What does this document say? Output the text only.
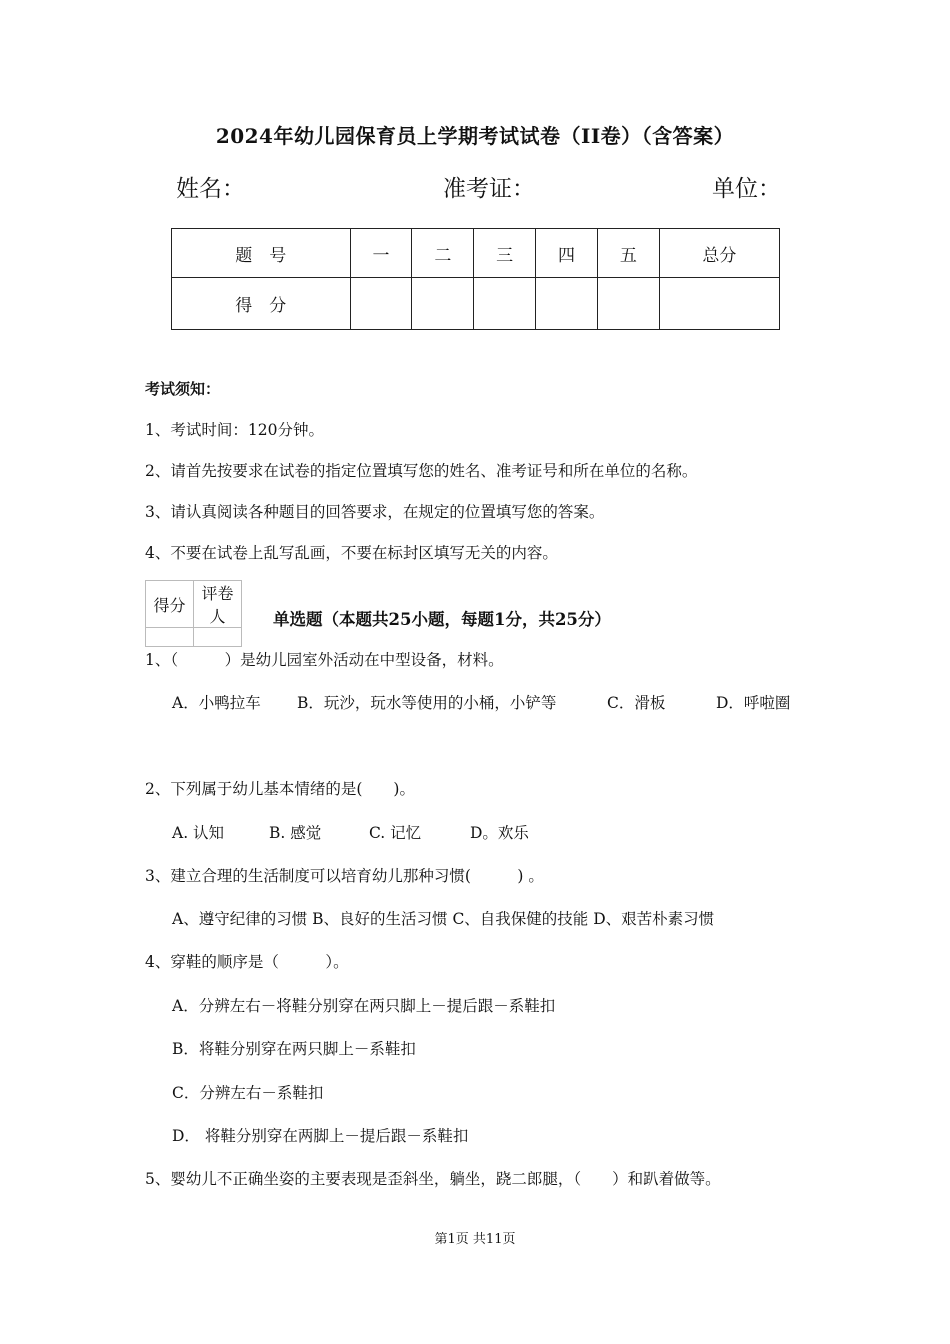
2024年幼儿园保育员上学期考试试卷（II卷）（含答案）
姓名：	准考证：	单位：
题　号	一	二	三	四	五	总分
得　分						
考试须知：
1、考试时间：120分钟。
2、请首先按要求在试卷的指定位置填写您的姓名、准考证号和所在单位的名称。
3、请认真阅读各种题目的回答要求，在规定的位置填写您的答案。
4、不要在试卷上乱写乱画，不要在标封区填写无关的内容。
得分	评卷人
		单选题（本题共25小题，每题1分，共25分）
1、（　　　）是幼儿园室外活动在中型设备，材料。
A．小鸭拉车 B．玩沙，玩水等使用的小桶，小铲等	C．滑板	D．呼啦圈
2、下列属于幼儿基本情绪的是(　　)。
A. 认知	B. 感觉	C. 记忆	D。欢乐
3、建立合理的生活制度可以培育幼儿那种习惯(　　　) 。
A、遵守纪律的习惯 B、良好的生活习惯 C、自我保健的技能 D、艰苦朴素习惯
4、穿鞋的顺序是（　　　）。
A．分辨左右－将鞋分别穿在两只脚上－提后跟－系鞋扣
B．将鞋分别穿在两只脚上－系鞋扣
C．分辨左右－系鞋扣
D． 将鞋分别穿在两脚上－提后跟－系鞋扣
5、婴幼儿不正确坐姿的主要表现是歪斜坐，躺坐，跷二郎腿，（　　）和趴着做等。
第1页 共11页
